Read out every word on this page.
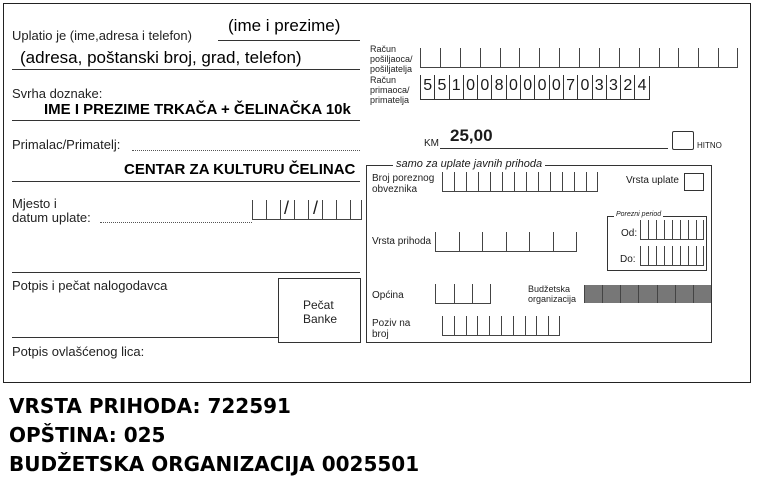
Uplatio je (ime,adresa i telefon)
(ime i prezime)
(adresa, poštanski broj, grad, telefon)
Svrha doznake:
IME I PREZIME TRKAČA + ČELINAČKA 10k
Primalac/Primatelj:
CENTAR ZA KULTURU ČELINAC
Mjesto i
datum uplate:	/ /
Potpis i pečat nalogodavca
Pečat
Banke
Potpis ovlašćenog lica:
Račun pošiljaoca/ pošiljatelja
Račun primaoca/ primatelja
5 5 1 0 0 8 0 0 0 0 7 0 3 3 2 4
KM 25,00
HITNO
samo za uplate javnih prihoda
Broj poreznog obveznika
Vrsta uplate
Porezni period
Od:
Do:
Vrsta prihoda
Općina
Budžetska organizacija
Poziv na broj
VRSTA PRIHODA: 722591
OPŠTINA: 025
BUDŽETSKA ORGANIZACIJA 0025501
